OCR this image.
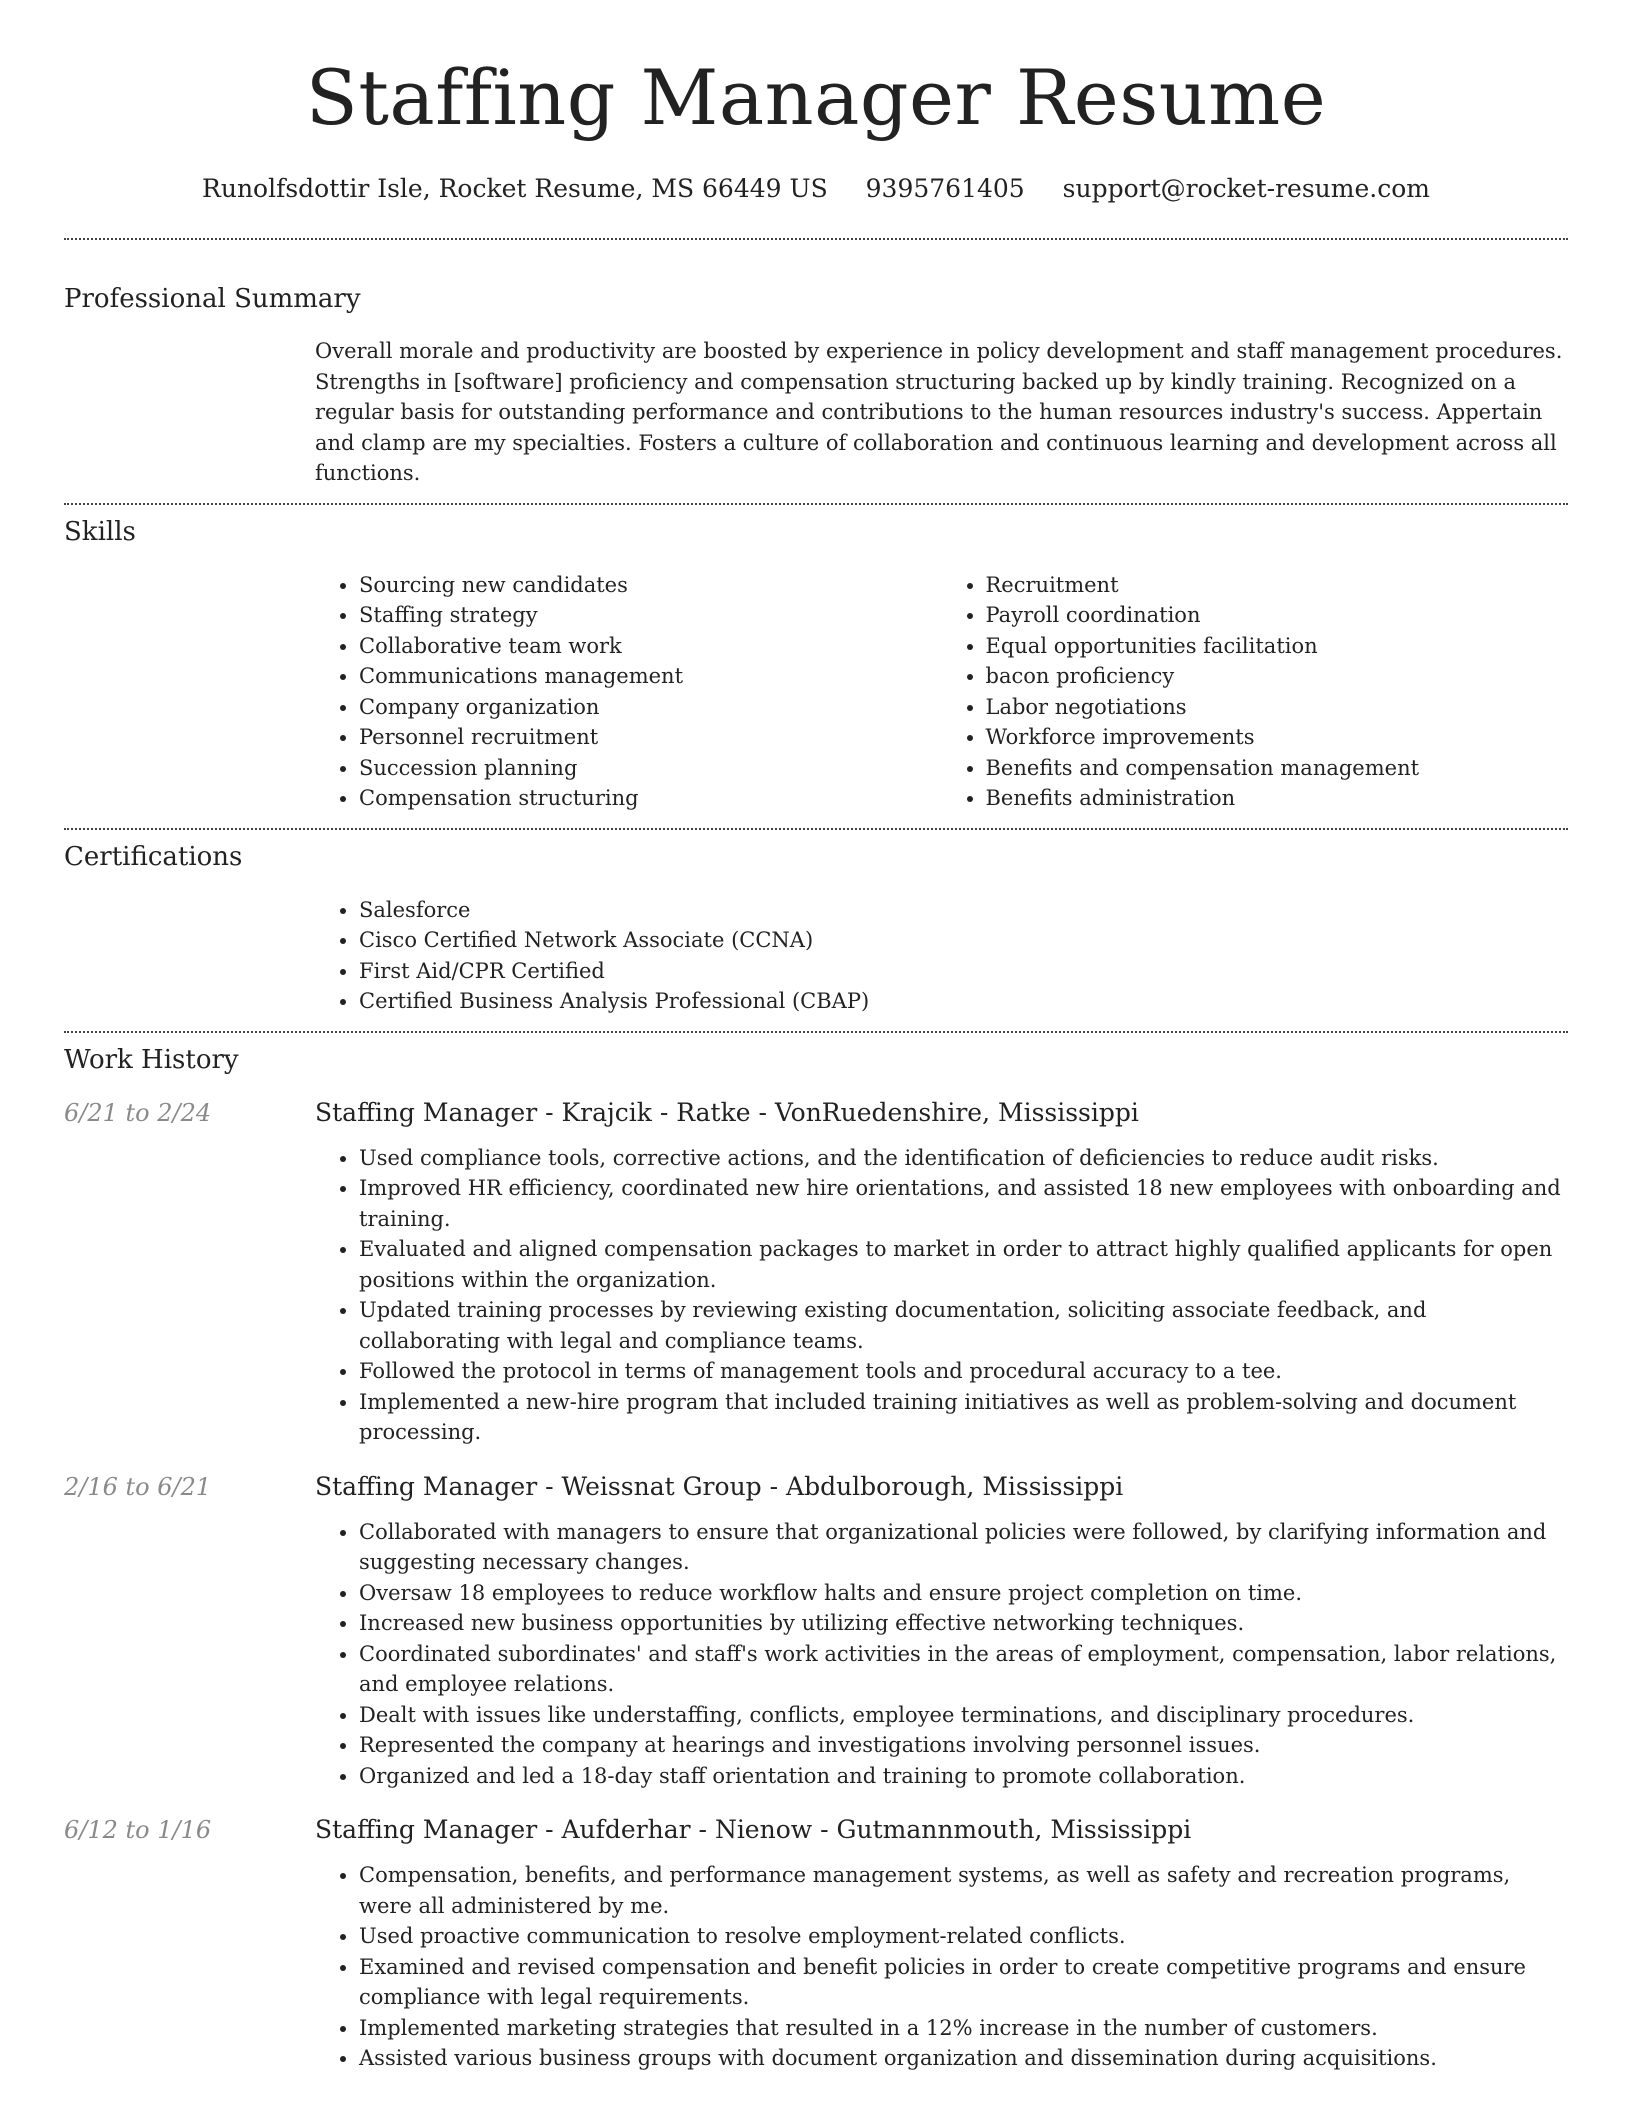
Staffing Manager Resume
Runolfsdottir Isle, Rocket Resume, MS 66449 US 9395761405 support@rocket-resume.com
Professional Summary
Overall morale and productivity are boosted by experience in policy development and staff management procedures. Strengths in [software] proficiency and compensation structuring backed up by kindly training. Recognized on a regular basis for outstanding performance and contributions to the human resources industry's success. Appertain and clamp are my specialties. Fosters a culture of collaboration and continuous learning and development across all functions.
Skills
• Sourcing new candidates
• Staffing strategy
• Collaborative team work
• Communications management
• Company organization
• Personnel recruitment
• Succession planning
• Compensation structuring
• Recruitment
• Payroll coordination
• Equal opportunities facilitation
• bacon proficiency
• Labor negotiations
• Workforce improvements
• Benefits and compensation management
• Benefits administration
Certifications
• Salesforce
• Cisco Certified Network Associate (CCNA)
• First Aid/CPR Certified
• Certified Business Analysis Professional (CBAP)
Work History
6/21 to 2/24	Staffing Manager - Krajcik - Ratke - VonRuedenshire, Mississippi
• Used compliance tools, corrective actions, and the identification of deficiencies to reduce audit risks.
• Improved HR efficiency, coordinated new hire orientations, and assisted 18 new employees with onboarding and training.
• Evaluated and aligned compensation packages to market in order to attract highly qualified applicants for open positions within the organization.
• Updated training processes by reviewing existing documentation, soliciting associate feedback, and collaborating with legal and compliance teams.
• Followed the protocol in terms of management tools and procedural accuracy to a tee.
• Implemented a new-hire program that included training initiatives as well as problem-solving and document processing.
2/16 to 6/21	Staffing Manager - Weissnat Group - Abdulborough, Mississippi
• Collaborated with managers to ensure that organizational policies were followed, by clarifying information and suggesting necessary changes.
• Oversaw 18 employees to reduce workflow halts and ensure project completion on time.
• Increased new business opportunities by utilizing effective networking techniques.
• Coordinated subordinates' and staff's work activities in the areas of employment, compensation, labor relations, and employee relations.
• Dealt with issues like understaffing, conflicts, employee terminations, and disciplinary procedures.
• Represented the company at hearings and investigations involving personnel issues.
• Organized and led a 18-day staff orientation and training to promote collaboration.
6/12 to 1/16	Staffing Manager - Aufderhar - Nienow - Gutmannmouth, Mississippi
• Compensation, benefits, and performance management systems, as well as safety and recreation programs, were all administered by me.
• Used proactive communication to resolve employment-related conflicts.
• Examined and revised compensation and benefit policies in order to create competitive programs and ensure compliance with legal requirements.
• Implemented marketing strategies that resulted in a 12% increase in the number of customers.
• Assisted various business groups with document organization and dissemination during acquisitions.
